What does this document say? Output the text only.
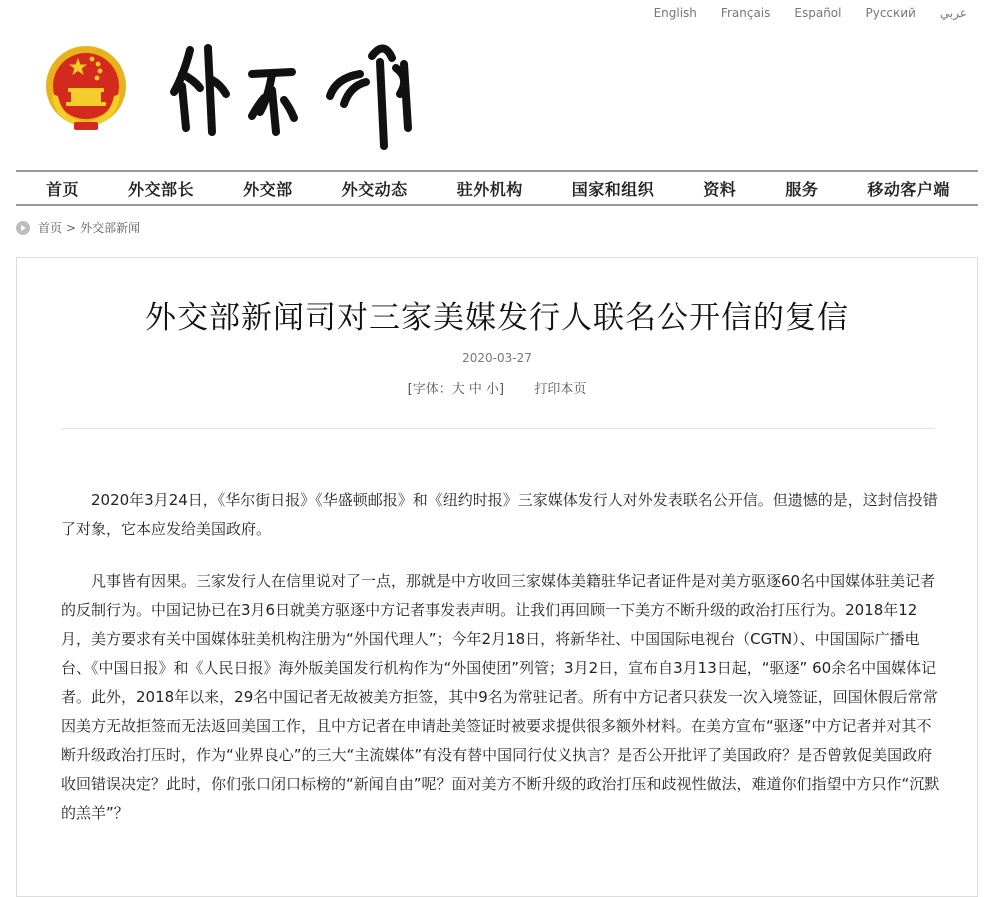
English Français Español Русский عربي
首页	外交部长	外交部	外交动态	驻外机构	国家和组织	资料	服务	移动客户端
首页 > 外交部新闻
外交部新闻司对三家美媒发行人联名公开信的复信
2020-03-27
[字体：大 中 小] 打印本页

2020年3月24日，《华尔街日报》《华盛顿邮报》和《纽约时报》三家媒体发行人对外发表联名公开信。但遗憾的是，这封信投错了对象，它本应发给美国政府。

凡事皆有因果。三家发行人在信里说对了一点，那就是中方收回三家媒体美籍驻华记者证件是对美方驱逐60名中国媒体驻美记者的反制行为。中国记协已在3月6日就美方驱逐中方记者事发表声明。让我们再回顾一下美方不断升级的政治打压行为。2018年12月，美方要求有关中国媒体驻美机构注册为“外国代理人”；今年2月18日，将新华社、中国国际电视台（CGTN）、中国国际广播电台、《中国日报》和《人民日报》海外版美国发行机构作为“外国使团”列管；3月2日，宣布自3月13日起，“驱逐” 60余名中国媒体记者。此外，2018年以来，29名中国记者无故被美方拒签，其中9名为常驻记者。所有中方记者只获发一次入境签证，回国休假后常常因美方无故拒签而无法返回美国工作，且中方记者在申请赴美签证时被要求提供很多额外材料。在美方宣布“驱逐”中方记者并对其不断升级政治打压时，作为“业界良心”的三大“主流媒体”有没有替中国同行仗义执言？是否公开批评了美国政府？是否曾敦促美国政府收回错误决定？此时，你们张口闭口标榜的“新闻自由”呢？面对美方不断升级的政治打压和歧视性做法，难道你们指望中方只作“沉默的羔羊”？
